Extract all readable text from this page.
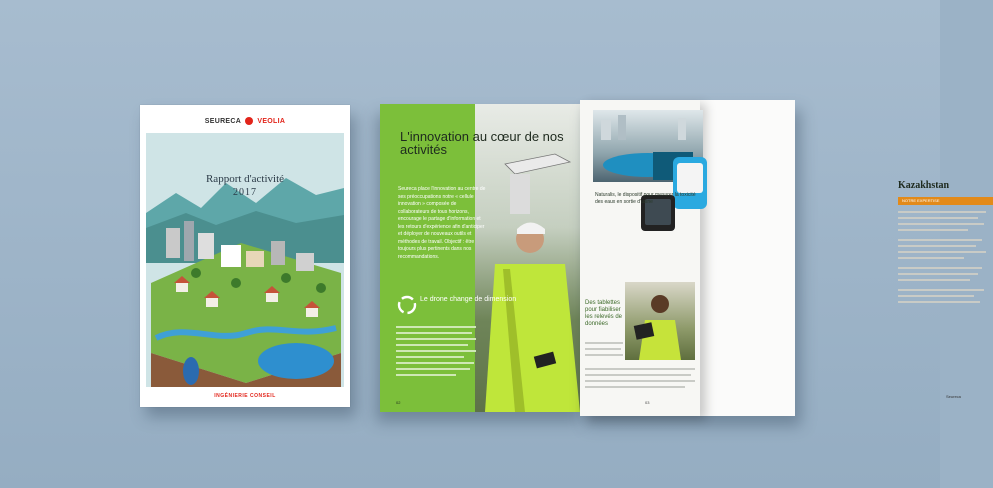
SEURECA VEOLIA
Rapport d'activité
2017
INGÉNIERIE CONSEIL
L'innovation au cœur de nos activités
Seureca place l'innovation au centre de ses préoccupations notre « cellule innovation » composée de collaborateurs de tous horizons, encourage le partage d'information et les retours d'expérience afin d'anticiper et déployer de nouveaux outils et méthodes de travail. Objectif : être toujours plus pertinents dans nos recommandations.
Le drone change de dimension
02
Kazakhstan
NOTRE EXPERTISE
Seureca
Naturalis, le dispositif pour mesurer la toxicité des eaux en sortie d'usine
Des tablettes pour fiabiliser les relevés de données
03
